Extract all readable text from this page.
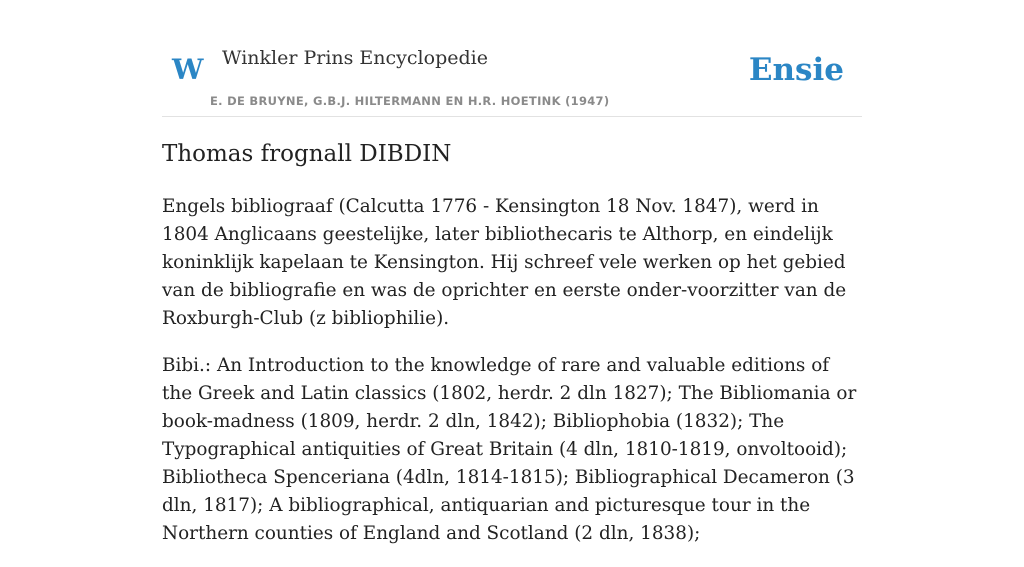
W Winkler Prins Encyclopedie
E. DE BRUYNE, G.B.J. HILTERMANN EN H.R. HOETINK (1947)
Ensie
Thomas frognall DIBDIN

Engels bibliograaf (Calcutta 1776 - Kensington 18 Nov. 1847), werd in 1804 Anglicaans geestelijke, later bibliothecaris te Althorp, en eindelijk koninklijk kapelaan te Kensington. Hij schreef vele werken op het gebied van de bibliografie en was de oprichter en eerste onder-voorzitter van de Roxburgh-Club (z bibliophilie).

Bibi.: An Introduction to the knowledge of rare and valuable editions of the Greek and Latin classics (1802, herdr. 2 dln 1827); The Bibliomania or book-madness (1809, herdr. 2 dln, 1842); Bibliophobia (1832); The Typographical antiquities of Great Britain (4 dln, 1810-1819, onvoltooid); Bibliotheca Spenceriana (4dln, 1814-1815); Bibliographical Decameron (3 dln, 1817); A bibliographical, antiquarian and picturesque tour in the Northern counties of England and Scotland (2 dln, 1838);
